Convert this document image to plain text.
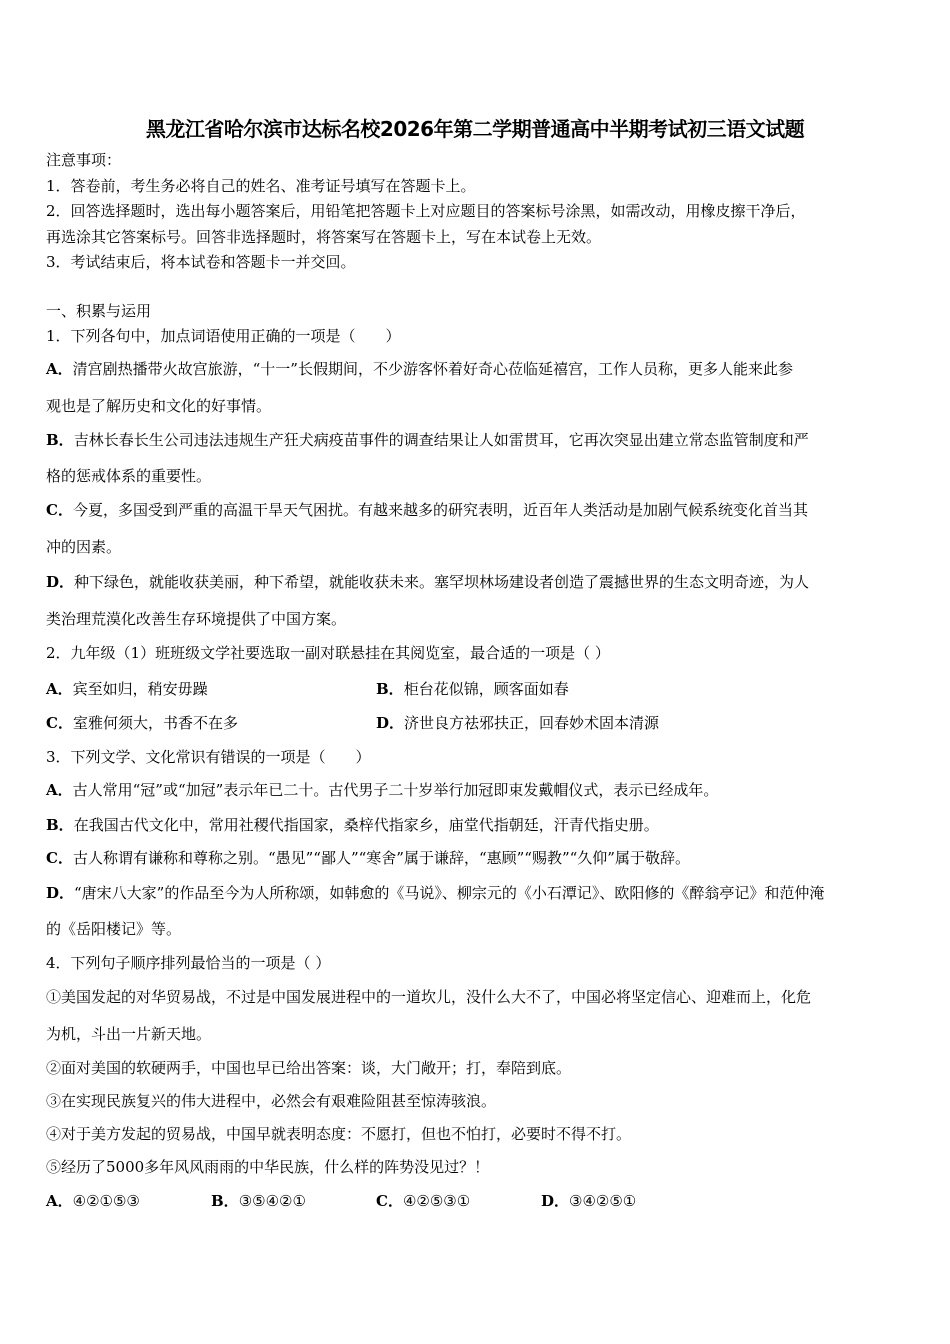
黑龙江省哈尔滨市达标名校2026年第二学期普通高中半期考试初三语文试题
注意事项：
1．答卷前，考生务必将自己的姓名、准考证号填写在答题卡上。
2．回答选择题时，选出每小题答案后，用铅笔把答题卡上对应题目的答案标号涂黑，如需改动，用橡皮擦干净后，
再选涂其它答案标号。回答非选择题时，将答案写在答题卡上，写在本试卷上无效。
3．考试结束后，将本试卷和答题卡一并交回。
一、积累与运用
1．下列各句中，加点词语使用正确的一项是（　　）
A．清宫剧热播带火故宫旅游，“十一”长假期间，不少游客怀着好奇心莅临延禧宫，工作人员称，更多人能来此参
观也是了解历史和文化的好事情。
B．吉林长春长生公司违法违规生产狂犬病疫苗事件的调查结果让人如雷贯耳，它再次突显出建立常态监管制度和严
格的惩戒体系的重要性。
C．今夏，多国受到严重的高温干旱天气困扰。有越来越多的研究表明，近百年人类活动是加剧气候系统变化首当其
冲的因素。
D．种下绿色，就能收获美丽，种下希望，就能收获未来。塞罕坝林场建设者创造了震撼世界的生态文明奇迹，为人
类治理荒漠化改善生存环境提供了中国方案。
2．九年级（1）班班级文学社要选取一副对联悬挂在其阅览室，最合适的一项是（ ）
A．宾至如归，稍安毋躁	B．柜台花似锦，顾客面如春
C．室雅何须大，书香不在多	D．济世良方祛邪扶正，回春妙术固本清源
3．下列文学、文化常识有错误的一项是（　　）
A．古人常用“冠”或“加冠”表示年已二十。古代男子二十岁举行加冠即束发戴帽仪式，表示已经成年。
B．在我国古代文化中，常用社稷代指国家，桑梓代指家乡，庙堂代指朝廷，汗青代指史册。
C．古人称谓有谦称和尊称之别。“愚见”“鄙人”“寒舍”属于谦辞，“惠顾”“赐教”“久仰”属于敬辞。
D．“唐宋八大家”的作品至今为人所称颂，如韩愈的《马说》、柳宗元的《小石潭记》、欧阳修的《醉翁亭记》和范仲淹
的《岳阳楼记》等。
4．下列句子顺序排列最恰当的一项是（ ）
①美国发起的对华贸易战，不过是中国发展进程中的一道坎儿，没什么大不了，中国必将坚定信心、迎难而上，化危
为机，斗出一片新天地。
②面对美国的软硬两手，中国也早已给出答案：谈，大门敞开；打，奉陪到底。
③在实现民族复兴的伟大进程中，必然会有艰难险阻甚至惊涛骇浪。
④对于美方发起的贸易战，中国早就表明态度：不愿打，但也不怕打，必要时不得不打。
⑤经历了5000多年风风雨雨的中华民族，什么样的阵势没见过？！
A．④②①⑤③	B．③⑤④②①	C．④②⑤③①	D．③④②⑤①
